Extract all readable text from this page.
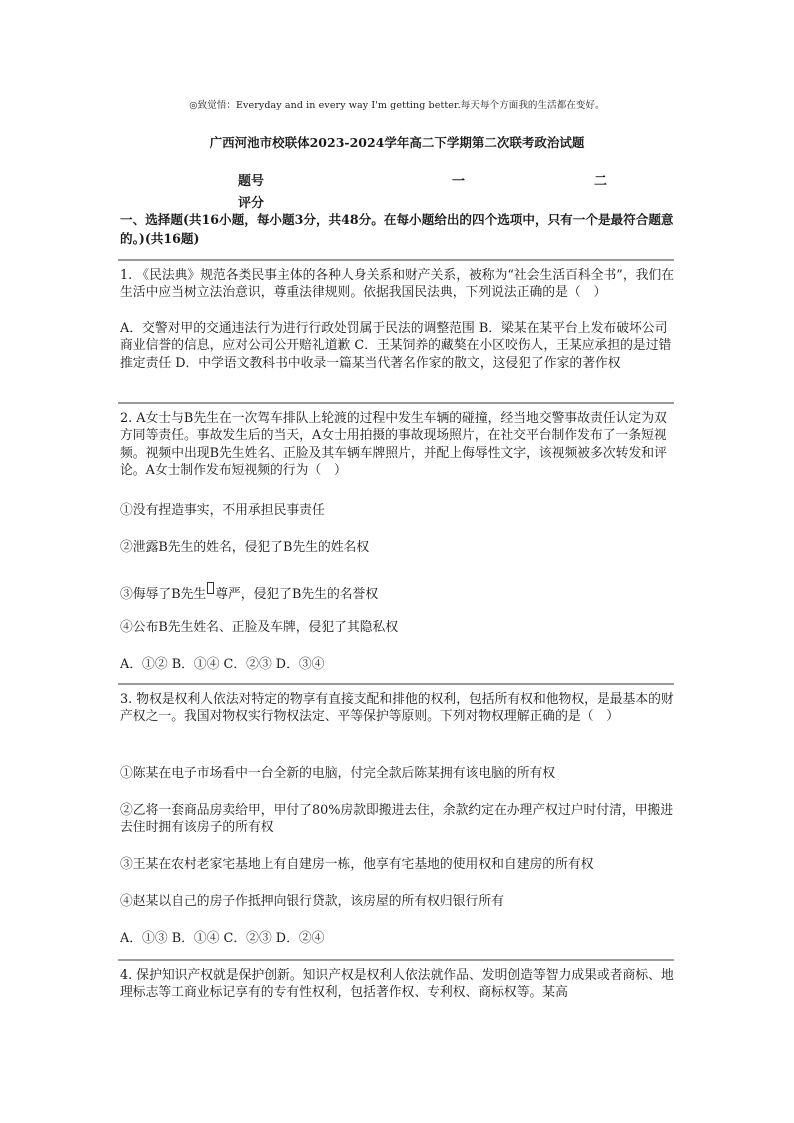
◎致觉悟：Everyday and in every way I'm getting better.每天每个方面我的生活都在变好。
广西河池市校联体2023-2024学年高二下学期第二次联考政治试题
题号	一	二
评分
一、选择题(共16小题，每小题3分，共48分。在每小题给出的四个选项中，只有一个是最符合题意的。)(共16题)
1. 《民法典》规范各类民事主体的各种人身关系和财产关系，被称为“社会生活百科全书”，我们在生活中应当树立法治意识，尊重法律规则。依据我国民法典，下列说法正确的是（　）
A．交警对甲的交通违法行为进行行政处罚属于民法的调整范围 B．梁某在某平台上发布破坏公司商业信誉的信息，应对公司公开赔礼道歉 C．王某饲养的藏獒在小区咬伤人，王某应承担的是过错推定责任 D．中学语文教科书中收录一篇某当代著名作家的散文，这侵犯了作家的著作权
2. A女士与B先生在一次驾车排队上轮渡的过程中发生车辆的碰撞，经当地交警事故责任认定为双方同等责任。事故发生后的当天，A女士用拍摄的事故现场照片，在社交平台制作发布了一条短视频。视频中出现B先生姓名、正脸及其车辆车牌照片，并配上侮辱性文字，该视频被多次转发和评论。A女士制作发布短视频的行为（　）
①没有捏造事实，不用承担民事责任
②泄露B先生的姓名，侵犯了B先生的姓名权
③侮辱了B先生 尊严，侵犯了B先生的名誉权
④公布B先生姓名、正脸及车牌，侵犯了其隐私权
A．①② B．①④ C．②③ D．③④
3. 物权是权利人依法对特定的物享有直接支配和排他的权利，包括所有权和他物权，是最基本的财产权之一。我国对物权实行物权法定、平等保护等原则。下列对物权理解正确的是（　）
①陈某在电子市场看中一台全新的电脑，付完全款后陈某拥有该电脑的所有权
②乙将一套商品房卖给甲，甲付了80%房款即搬进去住，余款约定在办理产权过户时付清，甲搬进去住时拥有该房子的所有权
③王某在农村老家宅基地上有自建房一栋，他享有宅基地的使用权和自建房的所有权
④赵某以自己的房子作抵押向银行贷款，该房屋的所有权归银行所有
A．①③ B．①④ C．②③ D．②④
4. 保护知识产权就是保护创新。知识产权是权利人依法就作品、发明创造等智力成果或者商标、地理标志等工商业标记享有的专有性权利，包括著作权、专利权、商标权等。某高
